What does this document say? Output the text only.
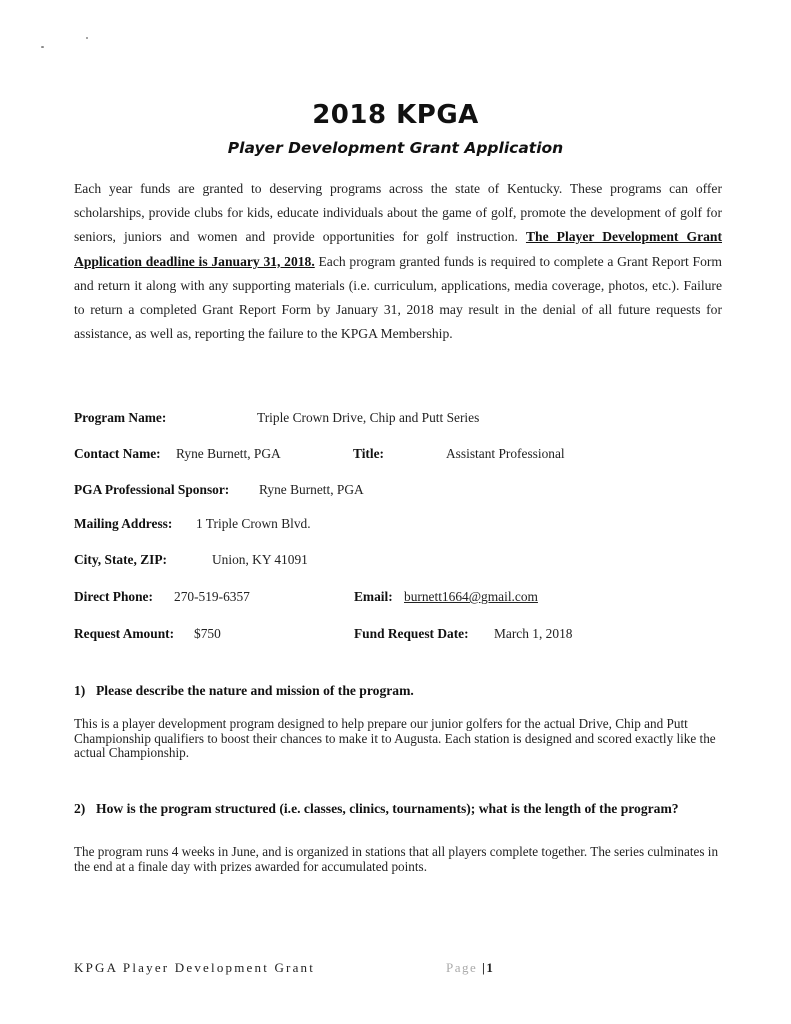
2018 KPGA
Player Development Grant Application
Each year funds are granted to deserving programs across the state of Kentucky. These programs can offer scholarships, provide clubs for kids, educate individuals about the game of golf, promote the development of golf for seniors, juniors and women and provide opportunities for golf instruction. The Player Development Grant Application deadline is January 31, 2018. Each program granted funds is required to complete a Grant Report Form and return it along with any supporting materials (i.e. curriculum, applications, media coverage, photos, etc.). Failure to return a completed Grant Report Form by January 31, 2018 may result in the denial of all future requests for assistance, as well as, reporting the failure to the KPGA Membership.
Program Name:	Triple Crown Drive, Chip and Putt Series
Contact Name: Ryne Burnett, PGA	Title:	Assistant Professional
PGA Professional Sponsor: Ryne Burnett, PGA
Mailing Address: 1 Triple Crown Blvd.
City, State, ZIP:	Union, KY 41091
Direct Phone: 270-519-6357	Email: burnett1664@gmail.com
Request Amount: $750	Fund Request Date: March 1, 2018
1) Please describe the nature and mission of the program.
This is a player development program designed to help prepare our junior golfers for the actual Drive, Chip and Putt Championship qualifiers to boost their chances to make it to Augusta. Each station is designed and scored exactly like the actual Championship.
2) How is the program structured (i.e. classes, clinics, tournaments); what is the length of the program?
The program runs 4 weeks in June, and is organized in stations that all players complete together. The series culminates in the end at a finale day with prizes awarded for accumulated points.
KPGA Player Development Grant	Page |1
